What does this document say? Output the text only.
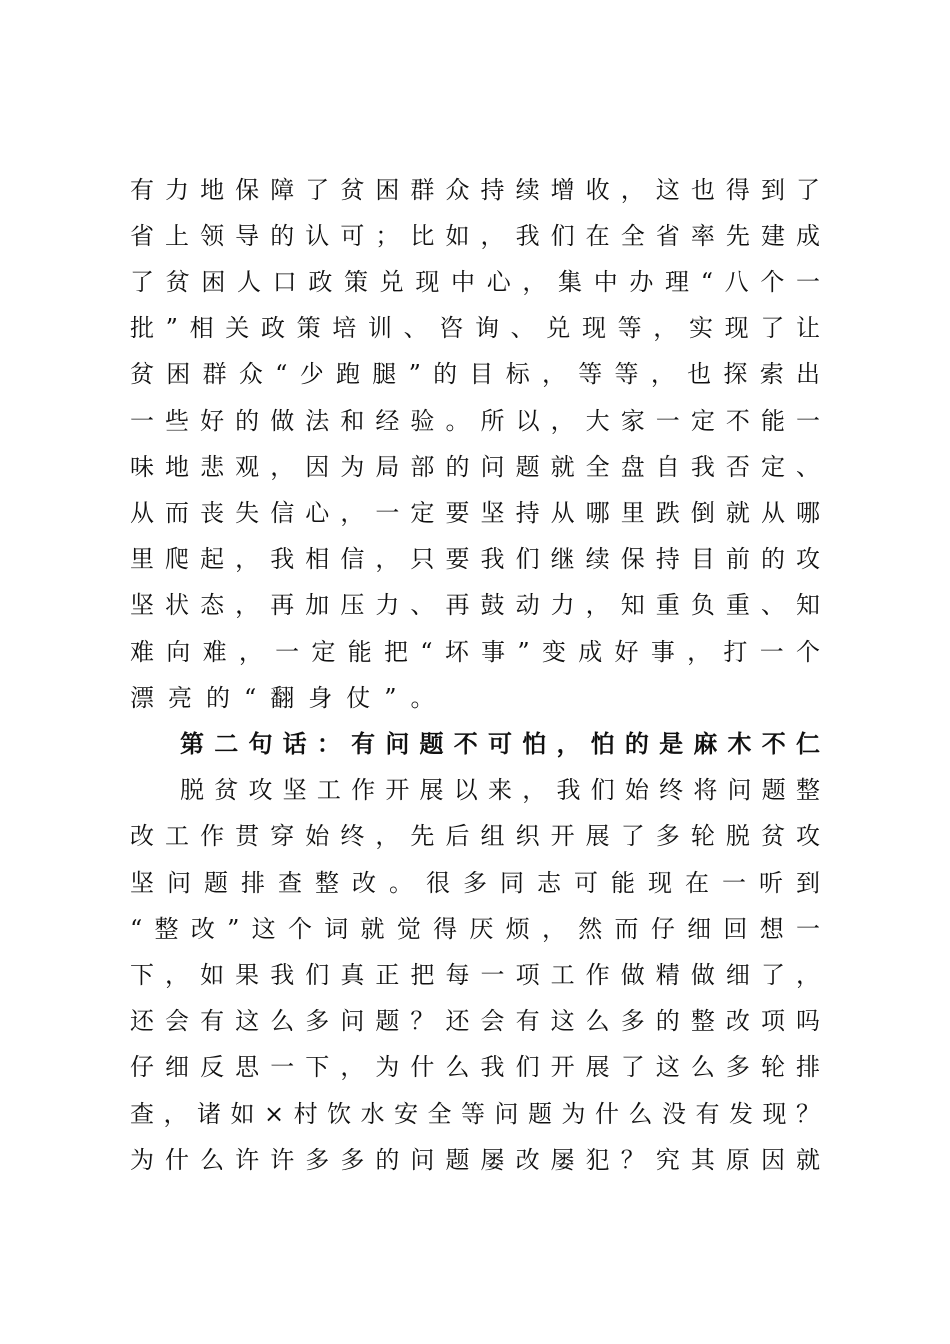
有力地保障了贫困群众持续增收，这也得到了
省上领导的认可；比如，我们在全省率先建成
了贫困人口政策兑现中心，集中办理“八个一
批”相关政策培训、咨询、兑现等，实现了让
贫困群众“少跑腿”的目标，等等，也探索出
一些好的做法和经验。所以，大家一定不能一
味地悲观，因为局部的问题就全盘自我否定、
从而丧失信心，一定要坚持从哪里跌倒就从哪
里爬起，我相信，只要我们继续保持目前的攻
坚状态，再加压力、再鼓动力，知重负重、知
难向难，一定能把“坏事”变成好事，打一个
漂亮的“翻身仗”。
第二句话：有问题不可怕，怕的是麻木不仁
脱贫攻坚工作开展以来，我们始终将问题整
改工作贯穿始终，先后组织开展了多轮脱贫攻
坚问题排查整改。很多同志可能现在一听到
“整改”这个词就觉得厌烦，然而仔细回想一
下，如果我们真正把每一项工作做精做细了，
还会有这么多问题？还会有这么多的整改项吗
仔细反思一下，为什么我们开展了这么多轮排
查，诸如×村饮水安全等问题为什么没有发现？
为什么许许多多的问题屡改屡犯？究其原因就
